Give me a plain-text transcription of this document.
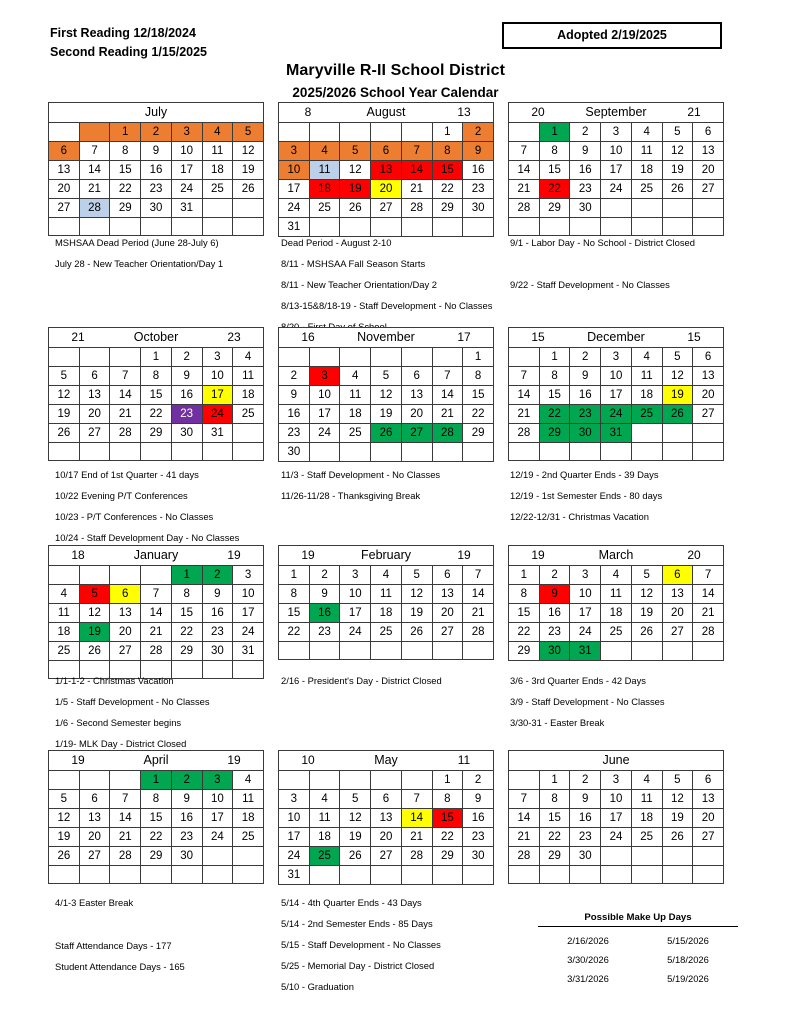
First Reading 12/18/2024
Second Reading 1/15/2025
Adopted 2/19/2025
Maryville R-II School District
2025/2026 School Year Calendar
July						

		1	2	3	4	5
6	7	8	9	10	11	12
13	14	15	16	17	18	19
20	21	22	23	24	25	26
27	28	29	30	31		

MSHSAA Dead Period (June 28-July 6)
July 28 - New Teacher Orientation/Day 1
8 August 13						

					1	2
3	4	5	6	7	8	9
10	11	12	13	14	15	16
17	18	19	20	21	22	23
24	25	26	27	28	29	30
31						
Dead Period - August 2-10
8/11 - MSHSAA Fall Season Starts
8/11 - New Teacher Orientation/Day 2
8/13-15&8/18-19 - Staff Development - No Classes
20 September 21						

	1	2	3	4	5	6
7	8	9	10	11	12	13
14	15	16	17	18	19	20
21	22	23	24	25	26	27
28	29	30				

9/1 - Labor Day - No School - District Closed

9/22 - Staff Development - No Classes
21 October 23						

			1	2	3	4
5	6	7	8	9	10	11
12	13	14	15	16	17	18
19	20	21	22	23	24	25
26	27	28	29	30	31	

10/17 End of 1st Quarter - 41 days
10/22 Evening P/T Conferences
10/23 - P/T Conferences - No Classes
10/24 - Staff Development Day - No Classes
16 November 17						

						1
2	3	4	5	6	7	8
9	10	11	12	13	14	15
16	17	18	19	20	21	22
23	24	25	26	27	28	29
30						
11/3 - Staff Development - No Classes
11/26-11/28 - Thanksgiving Break
15 December 15						

	1	2	3	4	5	6
7	8	9	10	11	12	13
14	15	16	17	18	19	20
21	22	23	24	25	26	27
28	29	30	31			

12/19 - 2nd Quarter Ends - 39 Days
12/19 - 1st Semester Ends - 80 days
12/22-12/31 - Christmas Vacation
18 January 19						

				1	2	3
4	5	6	7	8	9	10
11	12	13	14	15	16	17
18	19	20	21	22	23	24
25	26	27	28	29	30	31

1/1-1-2 - Christmas Vacation
1/5 - Staff Development - No Classes
1/6 - Second Semester begins
1/19- MLK Day - District Closed
19 February 19						

1	2	3	4	5	6	7
8	9	10	11	12	13	14
15	16	17	18	19	20	21
22	23	24	25	26	27	28

2/16 - President's Day - District Closed
19 March 20						

1	2	3	4	5	6	7
8	9	10	11	12	13	14
15	16	17	18	19	20	21
22	23	24	25	26	27	28
29	30	31				
3/6 - 3rd Quarter Ends - 42 Days
3/9 - Staff Development - No Classes
3/30-31 - Easter Break
19 April 19						

			1	2	3	4
5	6	7	8	9	10	11
12	13	14	15	16	17	18
19	20	21	22	23	24	25
26	27	28	29	30		

4/1-3 Easter Break
10 May 11						

					1	2
3	4	5	6	7	8	9
10	11	12	13	14	15	16
17	18	19	20	21	22	23
24	25	26	27	28	29	30
31						
5/14 - 4th Quarter Ends - 43 Days
5/14 - 2nd Semester Ends - 85 Days
5/15 - Staff Development - No Classes
5/25 - Memorial Day - District Closed
5/10 - Graduation
June						

	1	2	3	4	5	6
7	8	9	10	11	12	13
14	15	16	17	18	19	20
21	22	23	24	25	26	27
28	29	30				

Staff Attendance Days - 177
Student Attendance Days - 165
Possible Make Up Days
2/16/2026	5/15/2026
3/30/2026	5/18/2026
3/31/2026	5/19/2026
